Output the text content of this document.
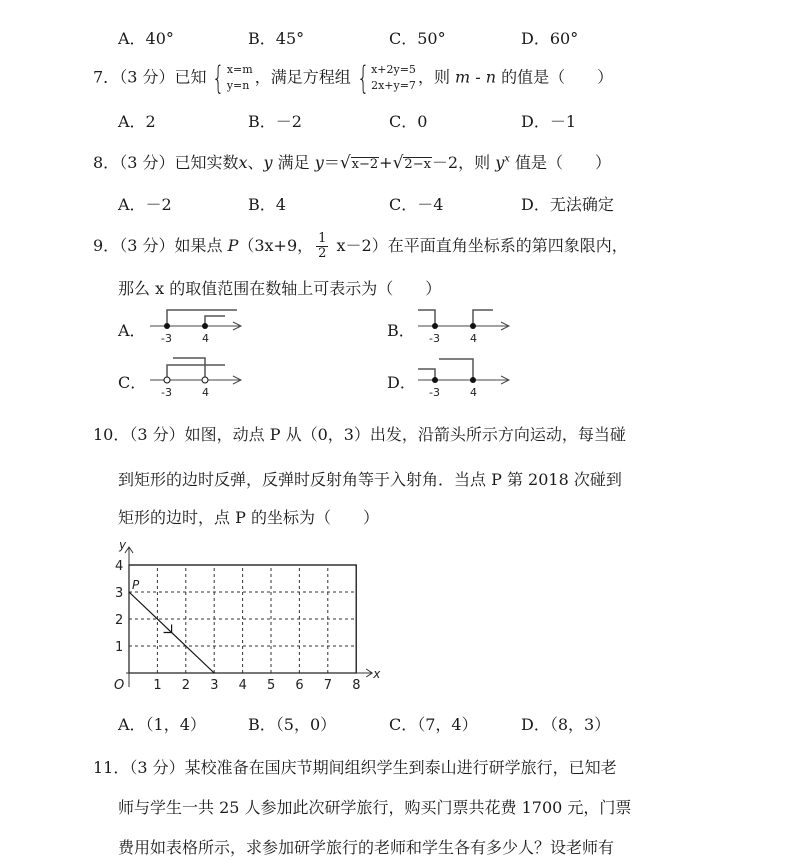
A．40°	B．45°	C．50°	D．60°
7．（3 分）已知 { x=m
y=n ，满足方程组 { x+2y=5
2x+y=7 ，则 m - n 的值是（　　）
A．2	B．－2	C．0	D．－1
8．（3 分）已知实数x、y 满足 y＝√x−2+√2−x－2，则 $y^x$ 值是（　　）
A．－2	B．4	C．－4	D．无法确定
9．（3 分）如果点 P（3x+9， $\frac{1}{2} x-2$）在平面直角坐标系的第四象限内，
那么 x 的取值范围在数轴上可表示为（　　）
A． -3	4	B． -3	4
C．
-3	4
D．
-3	4
10．（3 分）如图，动点 P 从（0，3）出发，沿箭头所示方向运动，每当碰
到矩形的边时反弹，反弹时反射角等于入射角．当点 P 第 2018 次碰到
矩形的边时，点 P 的坐标为（　　）
1 2 3 4 5 6 7 8
1
2
3
4
x
y
O
P
A．（1，4）	B．（5，0）	C．（7，4）	D．（8，3）
11．（3 分）某校准备在国庆节期间组织学生到泰山进行研学旅行，已知老
师与学生一共 25 人参加此次研学旅行，购买门票共花费 1700 元，门票
费用如表格所示，求参加研学旅行的老师和学生各有多少人？设老师有
